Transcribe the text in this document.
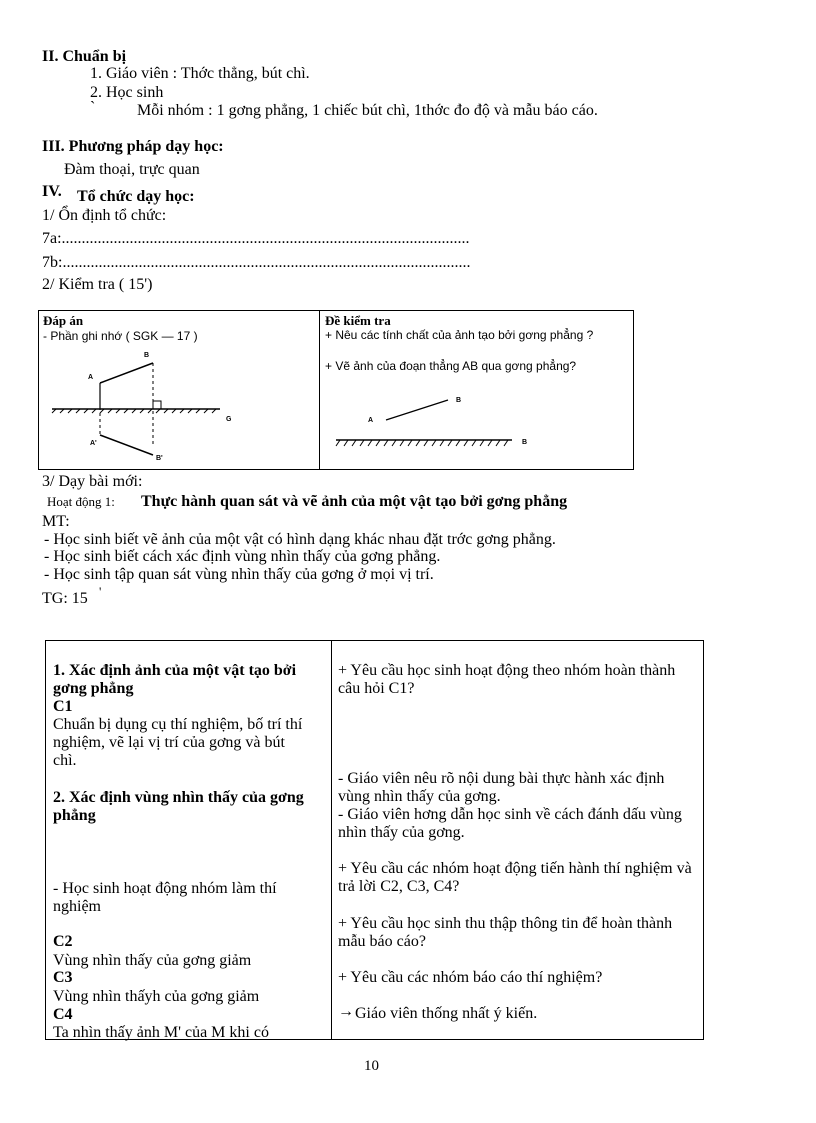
II. Chuẩn bị
1. Giáo viên : Thớc thẳng, bút chì.
2. Học sinh
`	Mỗi nhóm : 1 gơng phẳng, 1 chiếc bút chì, 1thớc đo độ và mẫu báo cáo.
III. Phương pháp dạy học:
Đàm thoại, trực quan
IV. Tổ chức dạy học:
1/ Ổn định tổ chức:
7a:......................................................................................................
7b:......................................................................................................
2/ Kiểm tra ( 15')
Đáp án
- Phần ghi nhớ ( SGK — 17 )
B
A
G
A'
B'
Đề kiểm tra
+ Nêu các tính chất của ảnh tạo bởi gơng phẳng ?
+ Vẽ ảnh của đoạn thẳng AB qua gơng phẳng?
A
B
B
3/ Dạy bài mới:
Hoạt động 1: Thực hành quan sát và vẽ ảnh của một vật tạo bởi gơng phẳng
MT:
- Học sinh biết vẽ ảnh của một vật có hình dạng khác nhau đặt trớc gơng phẳng.
- Học sinh biết cách xác định vùng nhìn thấy của gơng phẳng.
- Học sinh tập quan sát vùng nhìn thấy của gơng ở mọi vị trí.
TG: 15 '
1. Xác định ảnh của một vật tạo bởi gơng phẳng
C1
Chuẩn bị dụng cụ thí nghiệm, bố trí thí nghiệm, vẽ lại vị trí của gơng và bút chì.
2. Xác định vùng nhìn thấy của gơng phẳng
- Học sinh hoạt động nhóm làm thí nghiệm
C2
Vùng nhìn thấy của gơng giảm
C3
Vùng nhìn thấyh của gơng giảm
C4
Ta nhìn thấy ảnh M' của M khi có
+ Yêu cầu học sinh hoạt động theo nhóm hoàn thành câu hỏi C1?
- Giáo viên nêu rõ nội dung bài thực hành xác định vùng nhìn thấy của gơng.
- Giáo viên hơng dẫn học sinh về cách đánh dấu vùng nhìn thấy của gơng.
+ Yêu cầu các nhóm hoạt động tiến hành thí nghiệm và trả lời C2, C3, C4?
+ Yêu cầu học sinh thu thập thông tin để hoàn thành mẫu báo cáo?
+ Yêu cầu các nhóm báo cáo thí nghiệm?
→ Giáo viên thống nhất ý kiến.
10
